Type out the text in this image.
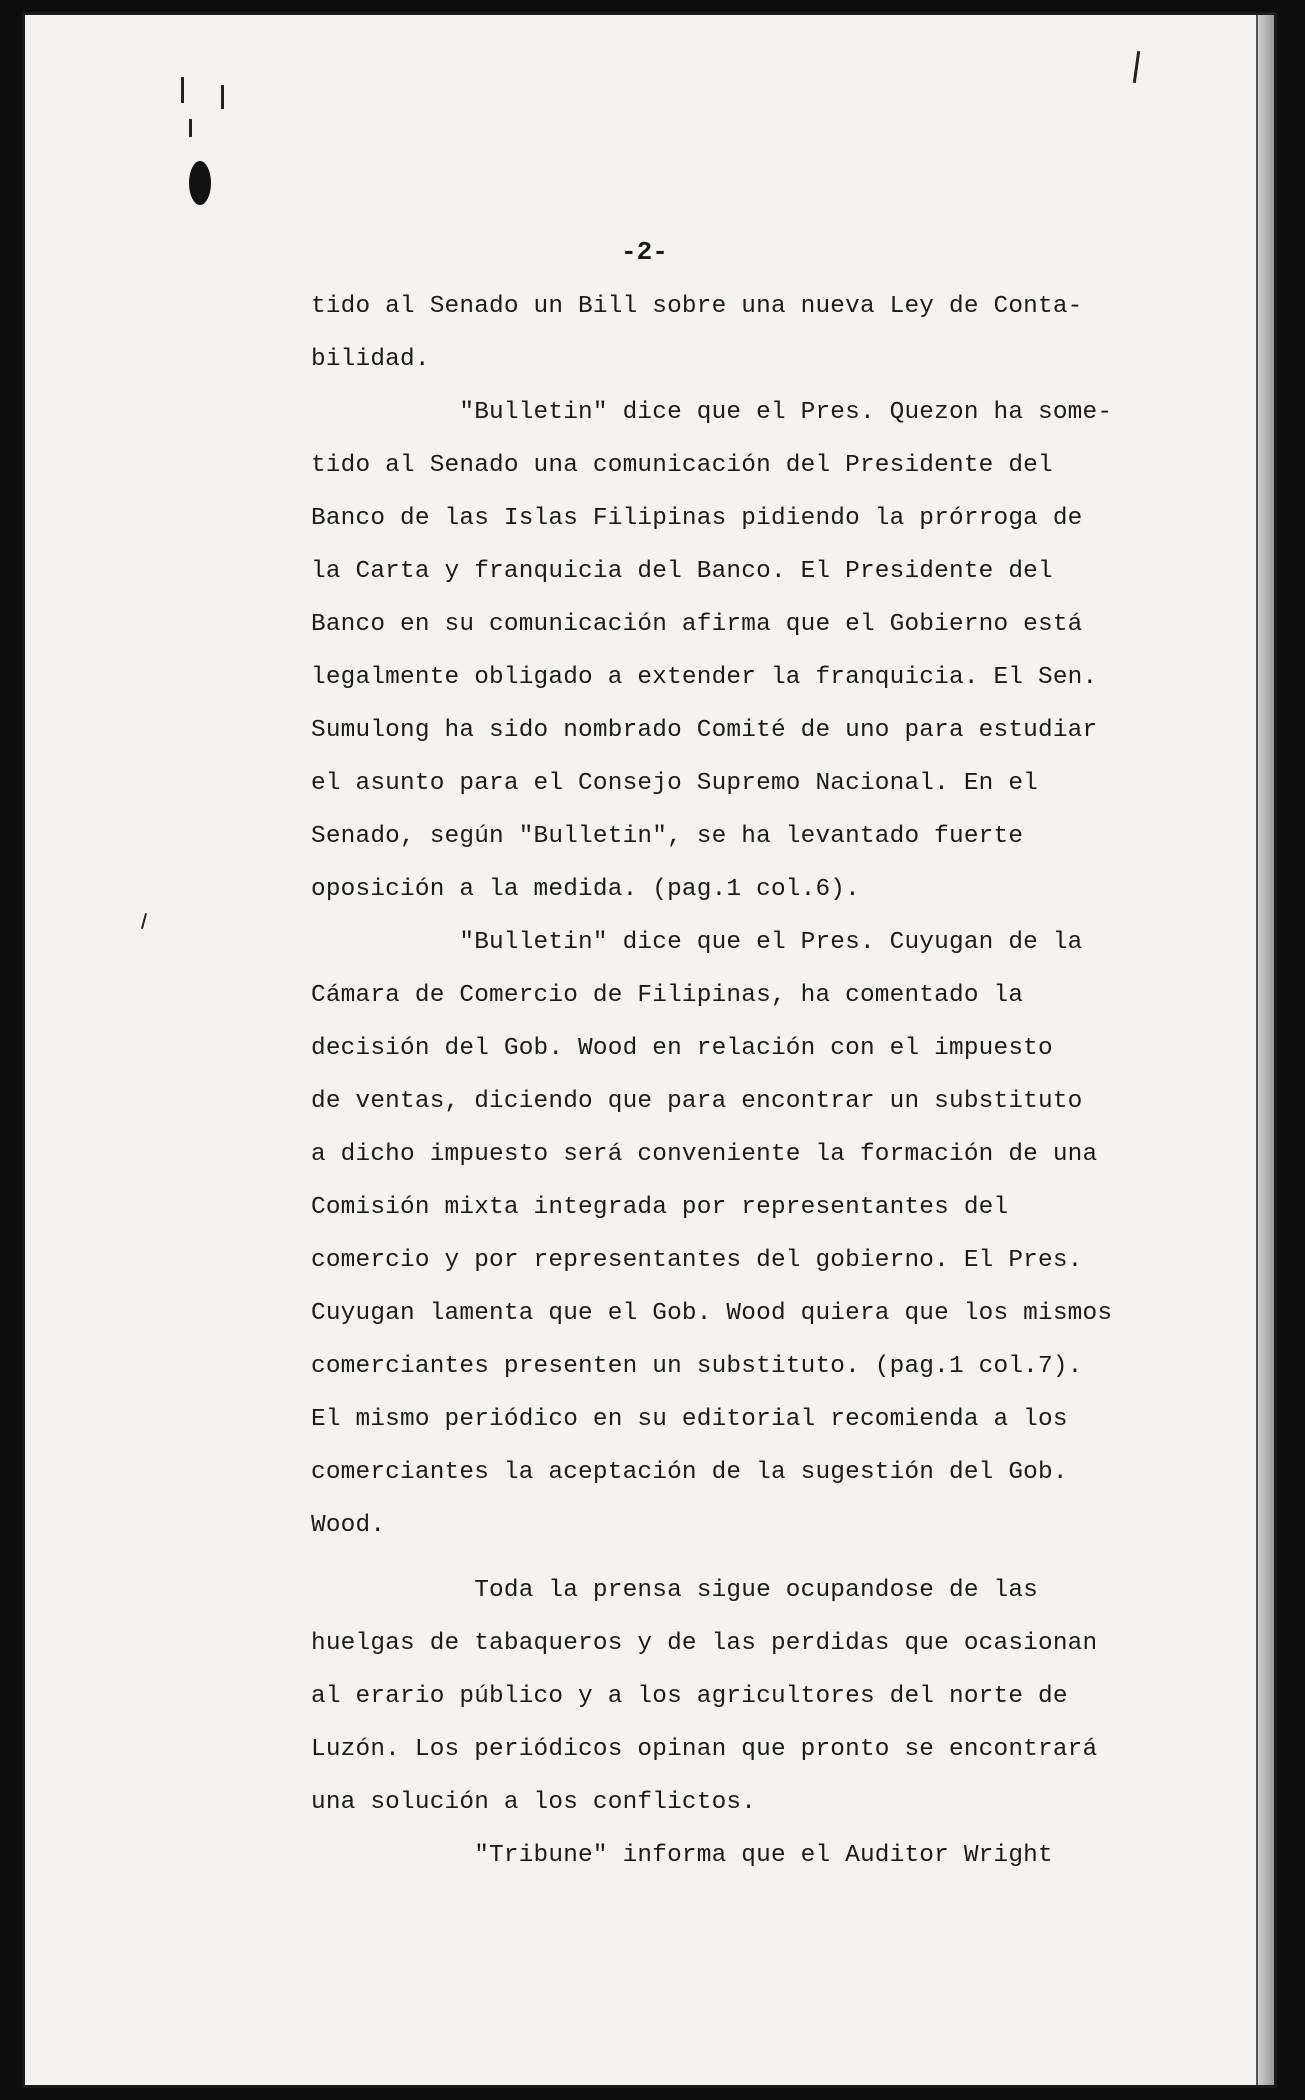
-2-
tido al Senado un Bill sobre una nueva Ley de Conta-
bilidad.
"Bulletin" dice que el Pres. Quezon ha some-
tido al Senado una comunicación del Presidente del
Banco de las Islas Filipinas pidiendo la prórroga de
la Carta y franquicia del Banco. El Presidente del
Banco en su comunicación afirma que el Gobierno está
legalmente obligado a extender la franquicia. El Sen.
Sumulong ha sido nombrado Comité de uno para estudiar
el asunto para el Consejo Supremo Nacional. En el
Senado, según "Bulletin", se ha levantado fuerte
oposición a la medida. (pag.1 col.6).
"Bulletin" dice que el Pres. Cuyugan de la
Cámara de Comercio de Filipinas, ha comentado la
decisión del Gob. Wood en relación con el impuesto
de ventas, diciendo que para encontrar un substituto
a dicho impuesto será conveniente la formación de una
Comisión mixta integrada por representantes del
comercio y por representantes del gobierno. El Pres.
Cuyugan lamenta que el Gob. Wood quiera que los mismos
comerciantes presenten un substituto. (pag.1 col.7).
El mismo periódico en su editorial recomienda a los
comerciantes la aceptación de la sugestión del Gob.
Wood.
Toda la prensa sigue ocupandose de las
huelgas de tabaqueros y de las perdidas que ocasionan
al erario público y a los agricultores del norte de
Luzón. Los periódicos opinan que pronto se encontrará
una solución a los conflictos.
"Tribune" informa que el Auditor Wright
